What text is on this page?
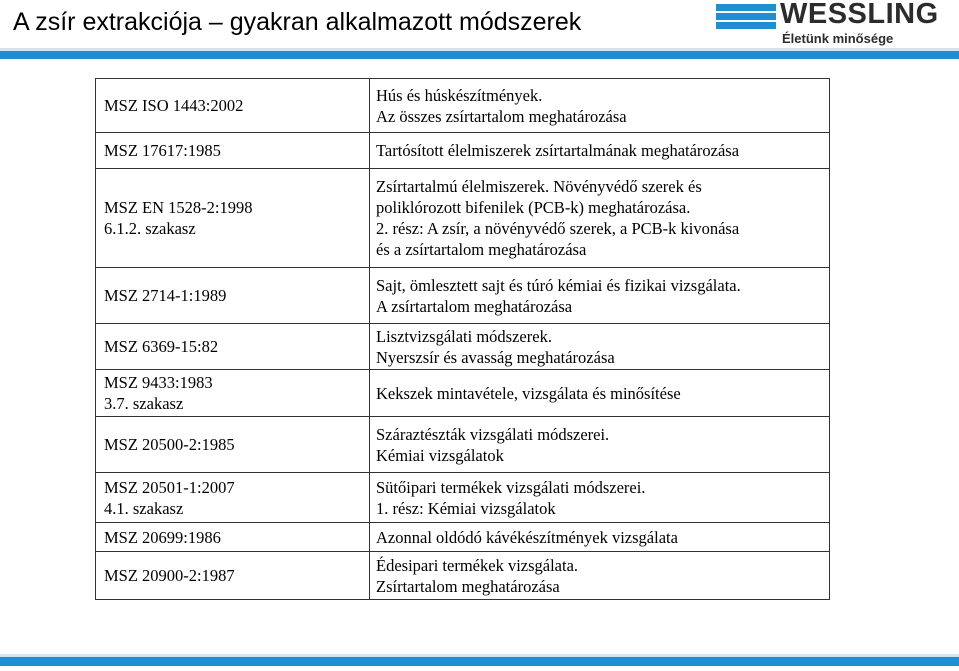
A zsír extrakciója – gyakran alkalmazott módszerek	WESSLING
Életünk minősége
MSZ ISO 1443:2002	Hús és húskészítmények.
Az összes zsírtartalom meghatározása

MSZ 17617:1985	Tartósított élelmiszerek zsírtartalmának meghatározása

MSZ EN 1528-2:1998
6.1.2. szakasz	Zsírtartalmú élelmiszerek. Növényvédő szerek és
poliklórozott bifenilek (PCB-k) meghatározása.
2. rész: A zsír, a növényvédő szerek, a PCB-k kivonása
és a zsírtartalom meghatározása

MSZ 2714-1:1989	Sajt, ömlesztett sajt és túró kémiai és fizikai vizsgálata.
A zsírtartalom meghatározása

MSZ 6369-15:82	Lisztvizsgálati módszerek.
Nyerszsír és avasság meghatározása

MSZ 9433:1983
3.7. szakasz	Kekszek mintavétele, vizsgálata és minősítése

MSZ 20500-2:1985	Száraztészták vizsgálati módszerei.
Kémiai vizsgálatok

MSZ 20501-1:2007
4.1. szakasz	Sütőipari termékek vizsgálati módszerei.
1. rész: Kémiai vizsgálatok

MSZ 20699:1986	Azonnal oldódó kávékészítmények vizsgálata

MSZ 20900-2:1987	Édesipari termékek vizsgálata.
Zsírtartalom meghatározása
